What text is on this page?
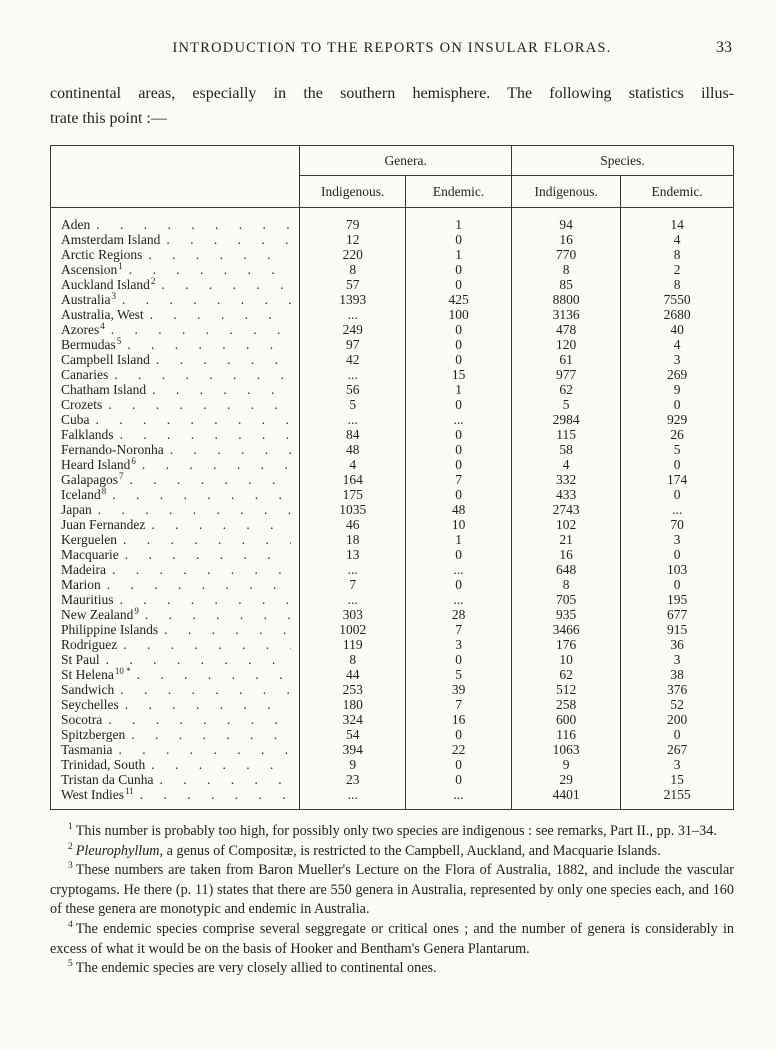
INTRODUCTION TO THE REPORTS ON INSULAR FLORAS.	33

continental areas, especially in the southern hemisphere. The following statistics illus-
trate this point :—

	Genera.		Species.	
	Indigenous.	Endemic.	Indigenous.	Endemic.

Aden
. . .	79	1	94	14

Amsterdam Island
. . .	12	0	16	4

Arctic Regions
. . .	220	1	770	8

Ascension$^1$
. . .	8	0	8	2

Auckland Island$^2$
. . .	57	0	85	8

Australia$^3$
. . .	1393	425	8800	7550

Australia, West
. . .	...	100	3136	2680

Azores$^4$
. . .	249	0	478	40

Bermudas$^5$
. . .	97	0	120	4

Campbell Island
. . .	42	0	61	3

Canaries
. . .	...	15	977	269

Chatham Island
. . .	56	1	62	9

Crozets
. . .	5	0	5	0

Cuba
. . .	...	...	2984	929

Falklands
. . .	84	0	115	26

Fernando-Noronha
. . .	48	0	58	5

Heard Island$^6$
. . .	4	0	4	0

Galapagos$^7$
. . .	164	7	332	174

Iceland$^8$
. . .	175	0	433	0

Japan
. . .	1035	48	2743	...

Juan Fernandez
. . .	46	10	102	70

Kerguelen
. . .	18	1	21	3

Macquarie
. . .	13	0	16	0

Madeira
. . .	...	...	648	103

Marion
. . .	7	0	8	0

Mauritius
. . .	...	...	705	195

New Zealand$^9$
. . .	303	28	935	677

Philippine Islands
. . .	1002	7	3466	915

Rodriguez
. . .	119	3	176	36

St Paul
. . .	8	0	10	3

St Helena$^{10 *}$
. . .	44	5	62	38

Sandwich
. . .	253	39	512	376

Seychelles
. . .	180	7	258	52

Socotra
. . .	324	16	600	200

Spitzbergen
. . .	54	0	116	0

Tasmania
. . .	394	22	1063	267

Trinidad, South
. . .	9	0	9	3

Tristan da Cunha
. . .	23	0	29	15

West Indies$^{11}$
. . .	...	...	4401	2155

$^1$ This number is probably too high, for possibly only two species are indigenous : see remarks, Part II., pp. 31–34.

$^2$ Pleurophyllum, a genus of Compositæ, is restricted to the Campbell, Auckland, and Macquarie Islands.

$^3$ These numbers are taken from Baron Mueller's Lecture on the Flora of Australia, 1882, and include the vascular cryptogams. He there (p. 11) states that there are 550 genera in Australia, represented by only one species each, and 160 of these genera are monotypic and endemic in Australia.

$^4$ The endemic species comprise several seggregate or critical ones ; and the number of genera is considerably in excess of what it would be on the basis of Hooker and Bentham's Genera Plantarum.

$^5$ The endemic species are very closely allied to continental ones.
